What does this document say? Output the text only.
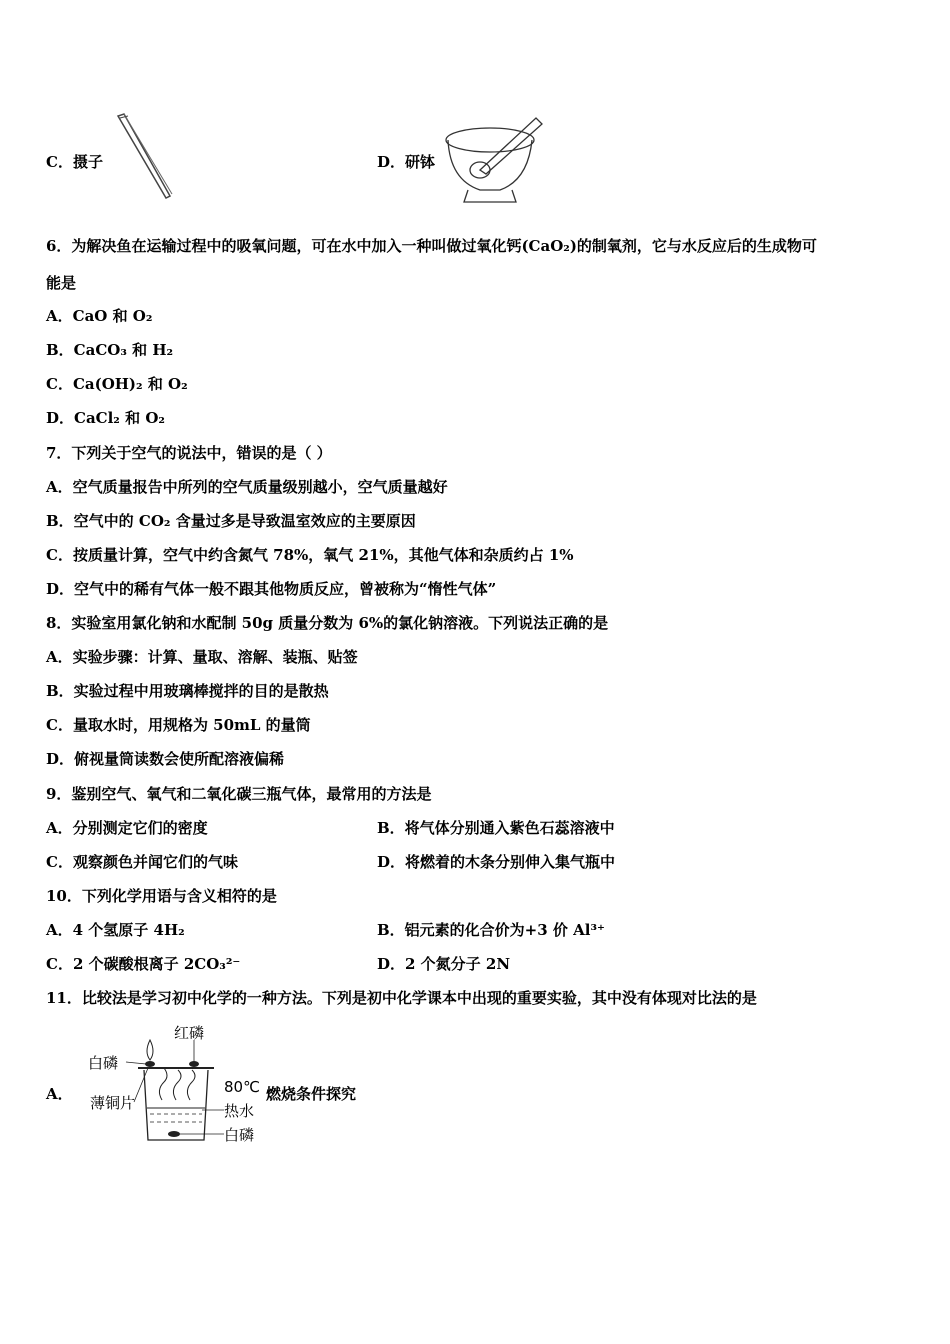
C．摄子	D．研钵
6．为解决鱼在运输过程中的吸氧问题，可在水中加入一种叫做过氧化钙(CaO₂)的制氧剂，它与水反应后的生成物可
能是
A．CaO 和 O₂
B．CaCO₃ 和 H₂
C．Ca(OH)₂ 和 O₂
D．CaCl₂ 和 O₂
7．下列关于空气的说法中，错误的是（ ）
A．空气质量报告中所列的空气质量级别越小，空气质量越好
B．空气中的 CO₂ 含量过多是导致温室效应的主要原因
C．按质量计算，空气中约含氮气 78%，氧气 21%，其他气体和杂质约占 1%
D．空气中的稀有气体一般不跟其他物质反应，曾被称为“惰性气体”
8．实验室用氯化钠和水配制 50g 质量分数为 6%的氯化钠溶液。下列说法正确的是
A．实验步骤：计算、量取、溶解、装瓶、贴签
B．实验过程中用玻璃棒搅拌的目的是散热
C．量取水时，用规格为 50mL 的量筒
D．俯视量筒读数会使所配溶液偏稀
9．鉴别空气、氧气和二氧化碳三瓶气体，最常用的方法是
A．分别测定它们的密度	B．将气体分别通入紫色石蕊溶液中
C．观察颜色并闻它们的气味	D．将燃着的木条分别伸入集气瓶中
10．下列化学用语与含义相符的是
A．4 个氢原子 4H₂	B．铝元素的化合价为+3 价 Al³⁺
C．2 个碳酸根离子 2CO₃²⁻	D．2 个氮分子 2N
11．比较法是学习初中化学的一种方法。下列是初中化学课本中出现的重要实验，其中没有体现对比法的是
A．
红磷
白磷
80℃
薄铜片	热水
白磷
燃烧条件探究
